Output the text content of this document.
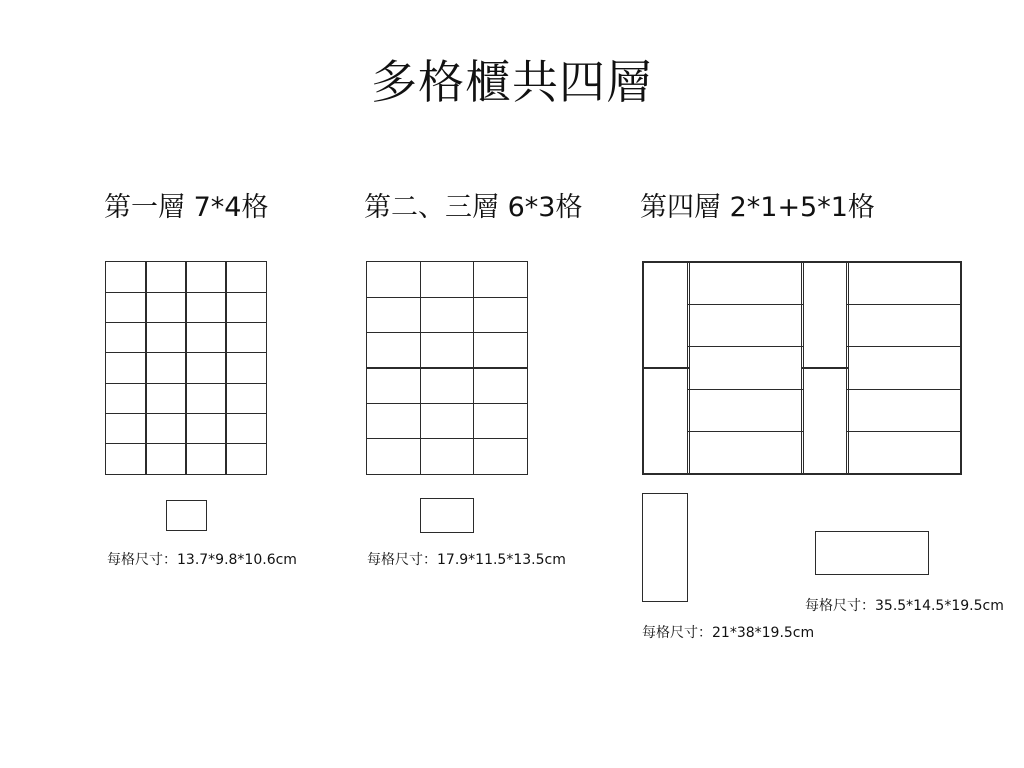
多格櫃共四層
第一層 7*4格
每格尺寸：13.7*9.8*10.6cm
第二、三層 6*3格
每格尺寸：17.9*11.5*13.5cm
第四層 2*1+5*1格
每格尺寸：35.5*14.5*19.5cm
每格尺寸：21*38*19.5cm
